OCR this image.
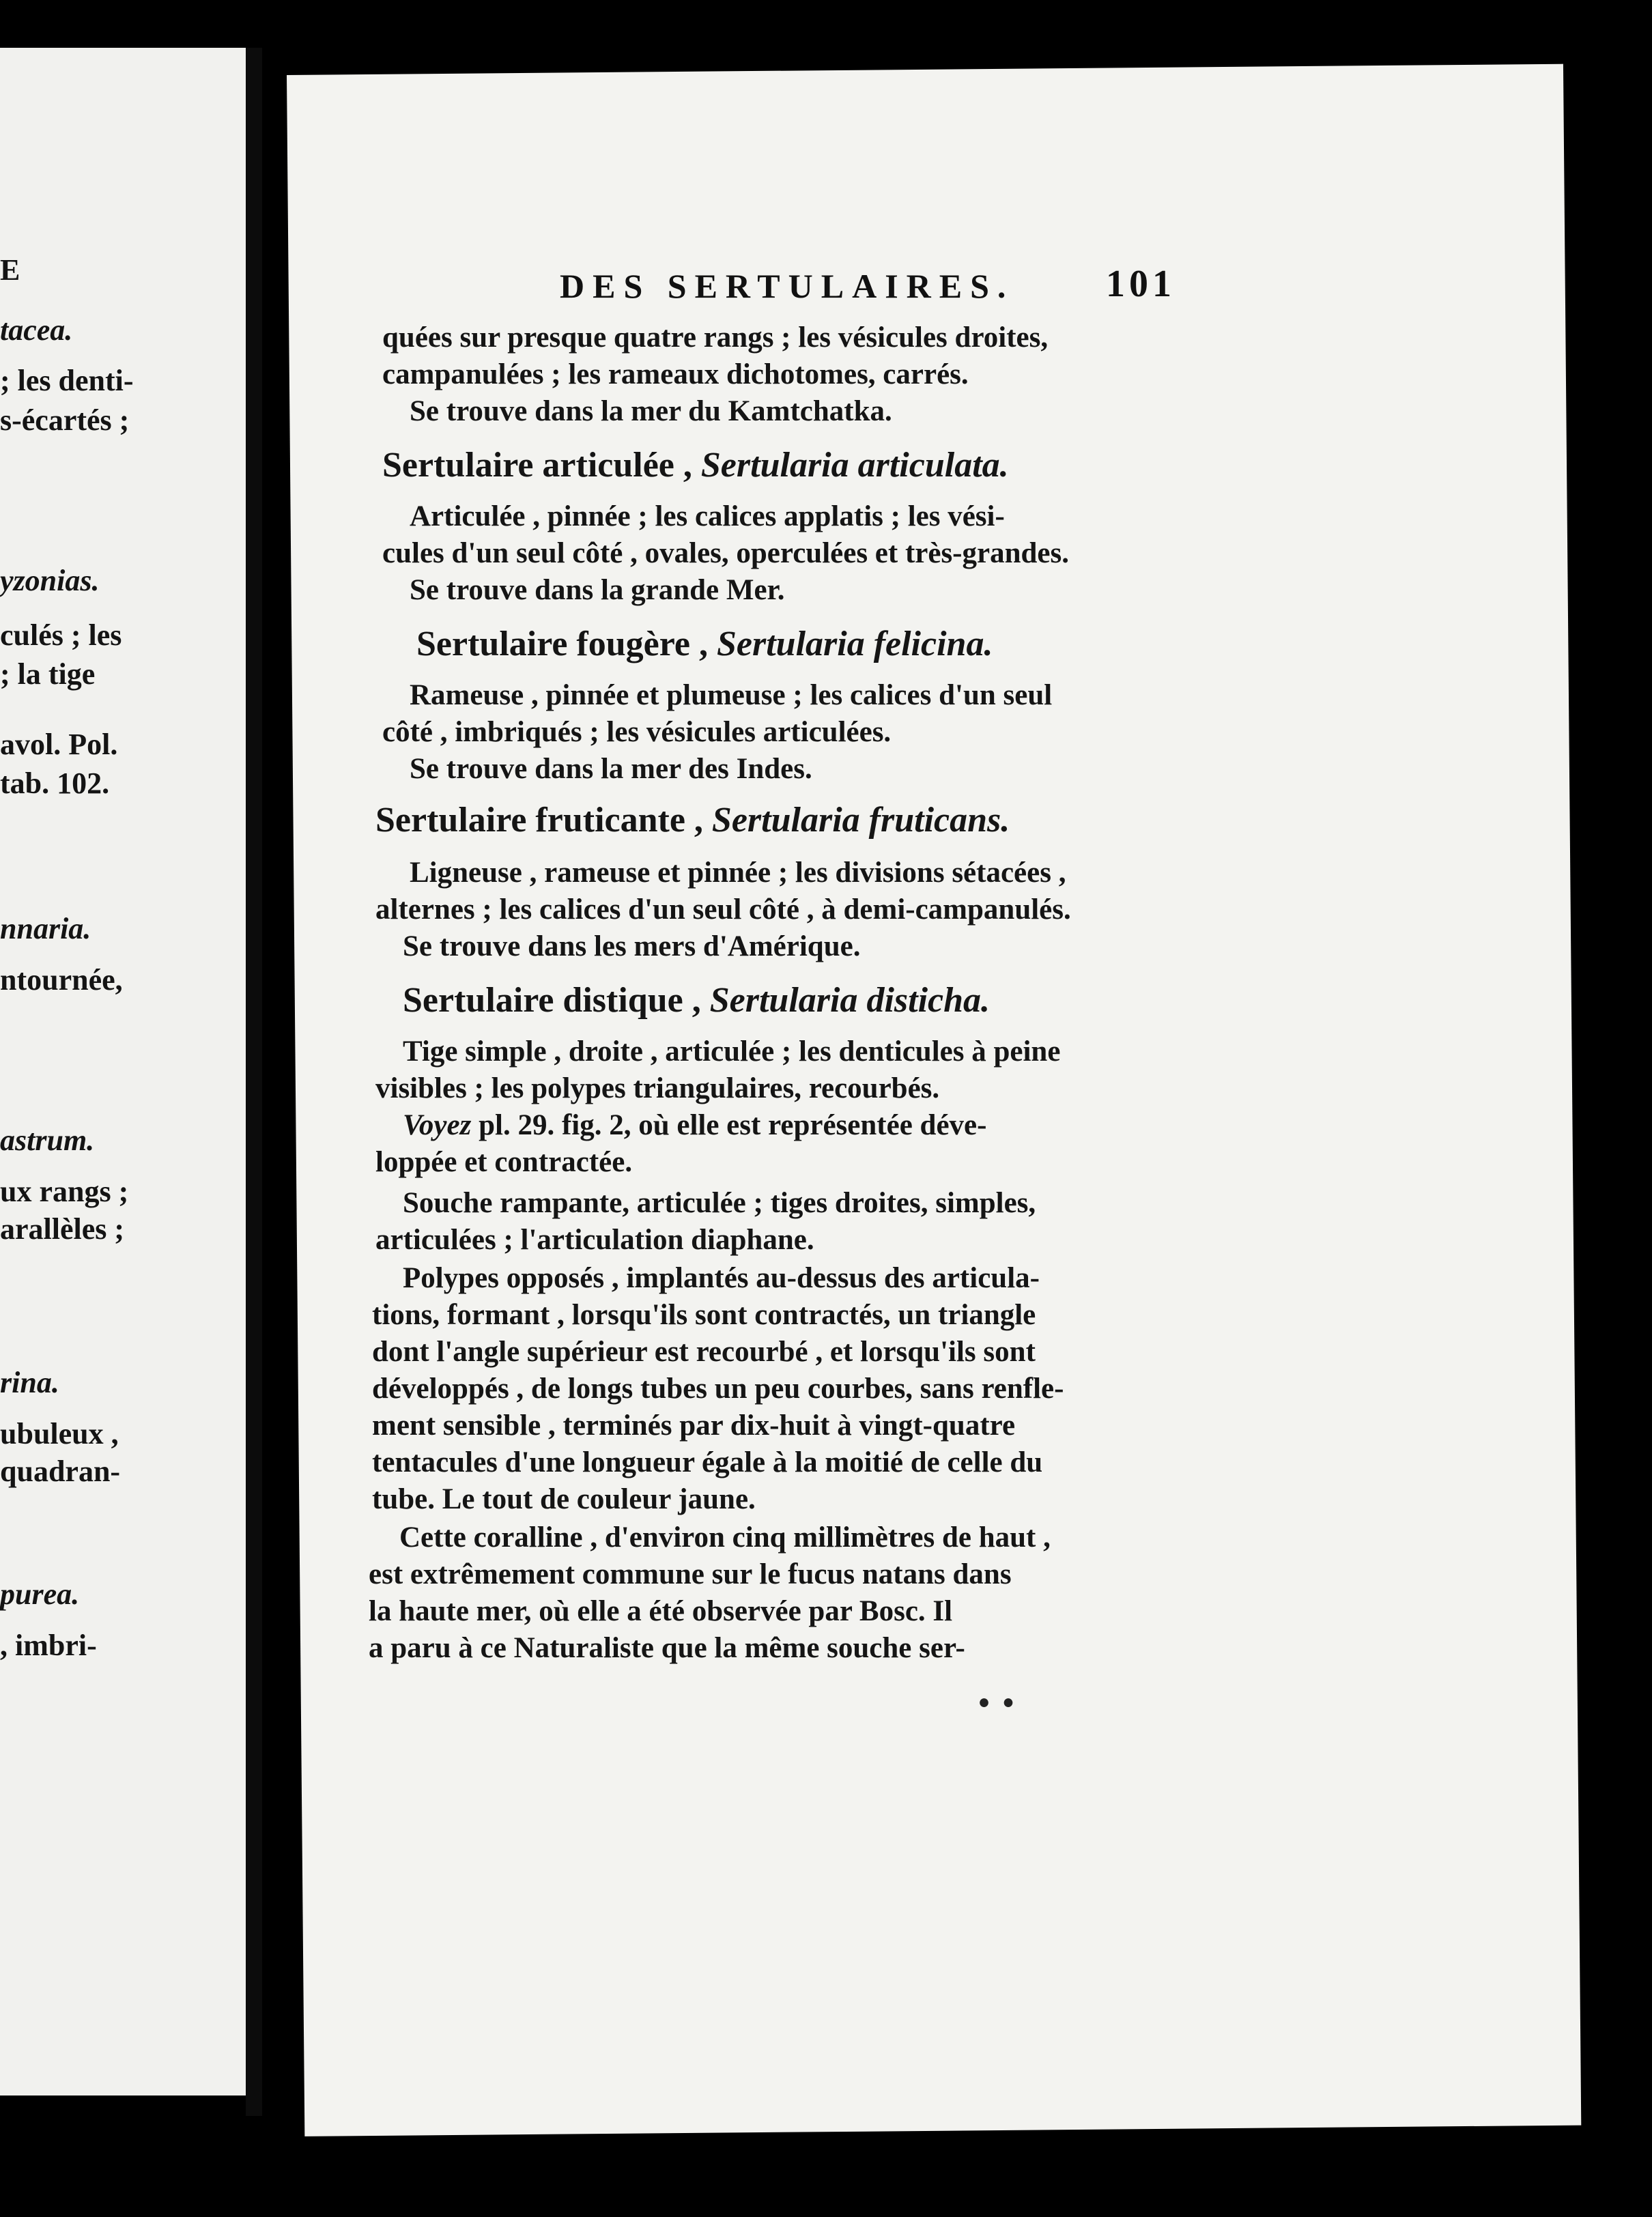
E
tacea.
; les denti-
s-écartés ;
yzonias.
culés ; les
; la tige
avol. Pol.
tab. 102.
nnaria.
ntournée,
astrum.
ux rangs ;
arallèles ;
rina.
ubuleux ,
quadran-
purea.
, imbri-
DES SERTULAIRES. 101
quées sur presque quatre rangs ; les vésicules droites,
campanulées ; les rameaux dichotomes, carrés.
Se trouve dans la mer du Kamtchatka.
Sertulaire articulée , Sertularia articulata.
Articulée , pinnée ; les calices applatis ; les vési-
cules d'un seul côté , ovales, operculées et très-grandes.
Se trouve dans la grande Mer.
Sertulaire fougère , Sertularia felicina.
Rameuse , pinnée et plumeuse ; les calices d'un seul
côté , imbriqués ; les vésicules articulées.
Se trouve dans la mer des Indes.
Sertulaire fruticante , Sertularia fruticans.
Ligneuse , rameuse et pinnée ; les divisions sétacées ,
alternes ; les calices d'un seul côté , à demi-campanulés.
Se trouve dans les mers d'Amérique.
Sertulaire distique , Sertularia disticha.
Tige simple , droite , articulée ; les denticules à peine
visibles ; les polypes triangulaires, recourbés.
Voyez pl. 29. fig. 2, où elle est représentée déve-
loppée et contractée.
Souche rampante, articulée ; tiges droites, simples,
articulées ; l'articulation diaphane.
Polypes opposés , implantés au-dessus des articula-
tions, formant , lorsqu'ils sont contractés, un triangle
dont l'angle supérieur est recourbé , et lorsqu'ils sont
développés , de longs tubes un peu courbes, sans renfle-
ment sensible , terminés par dix-huit à vingt-quatre
tentacules d'une longueur égale à la moitié de celle du
tube. Le tout de couleur jaune.
Cette coralline , d'environ cinq millimètres de haut ,
est extrêmement commune sur le fucus natans dans
la haute mer, où elle a été observée par Bosc. Il
a paru à ce Naturaliste que la même souche ser-
• •
